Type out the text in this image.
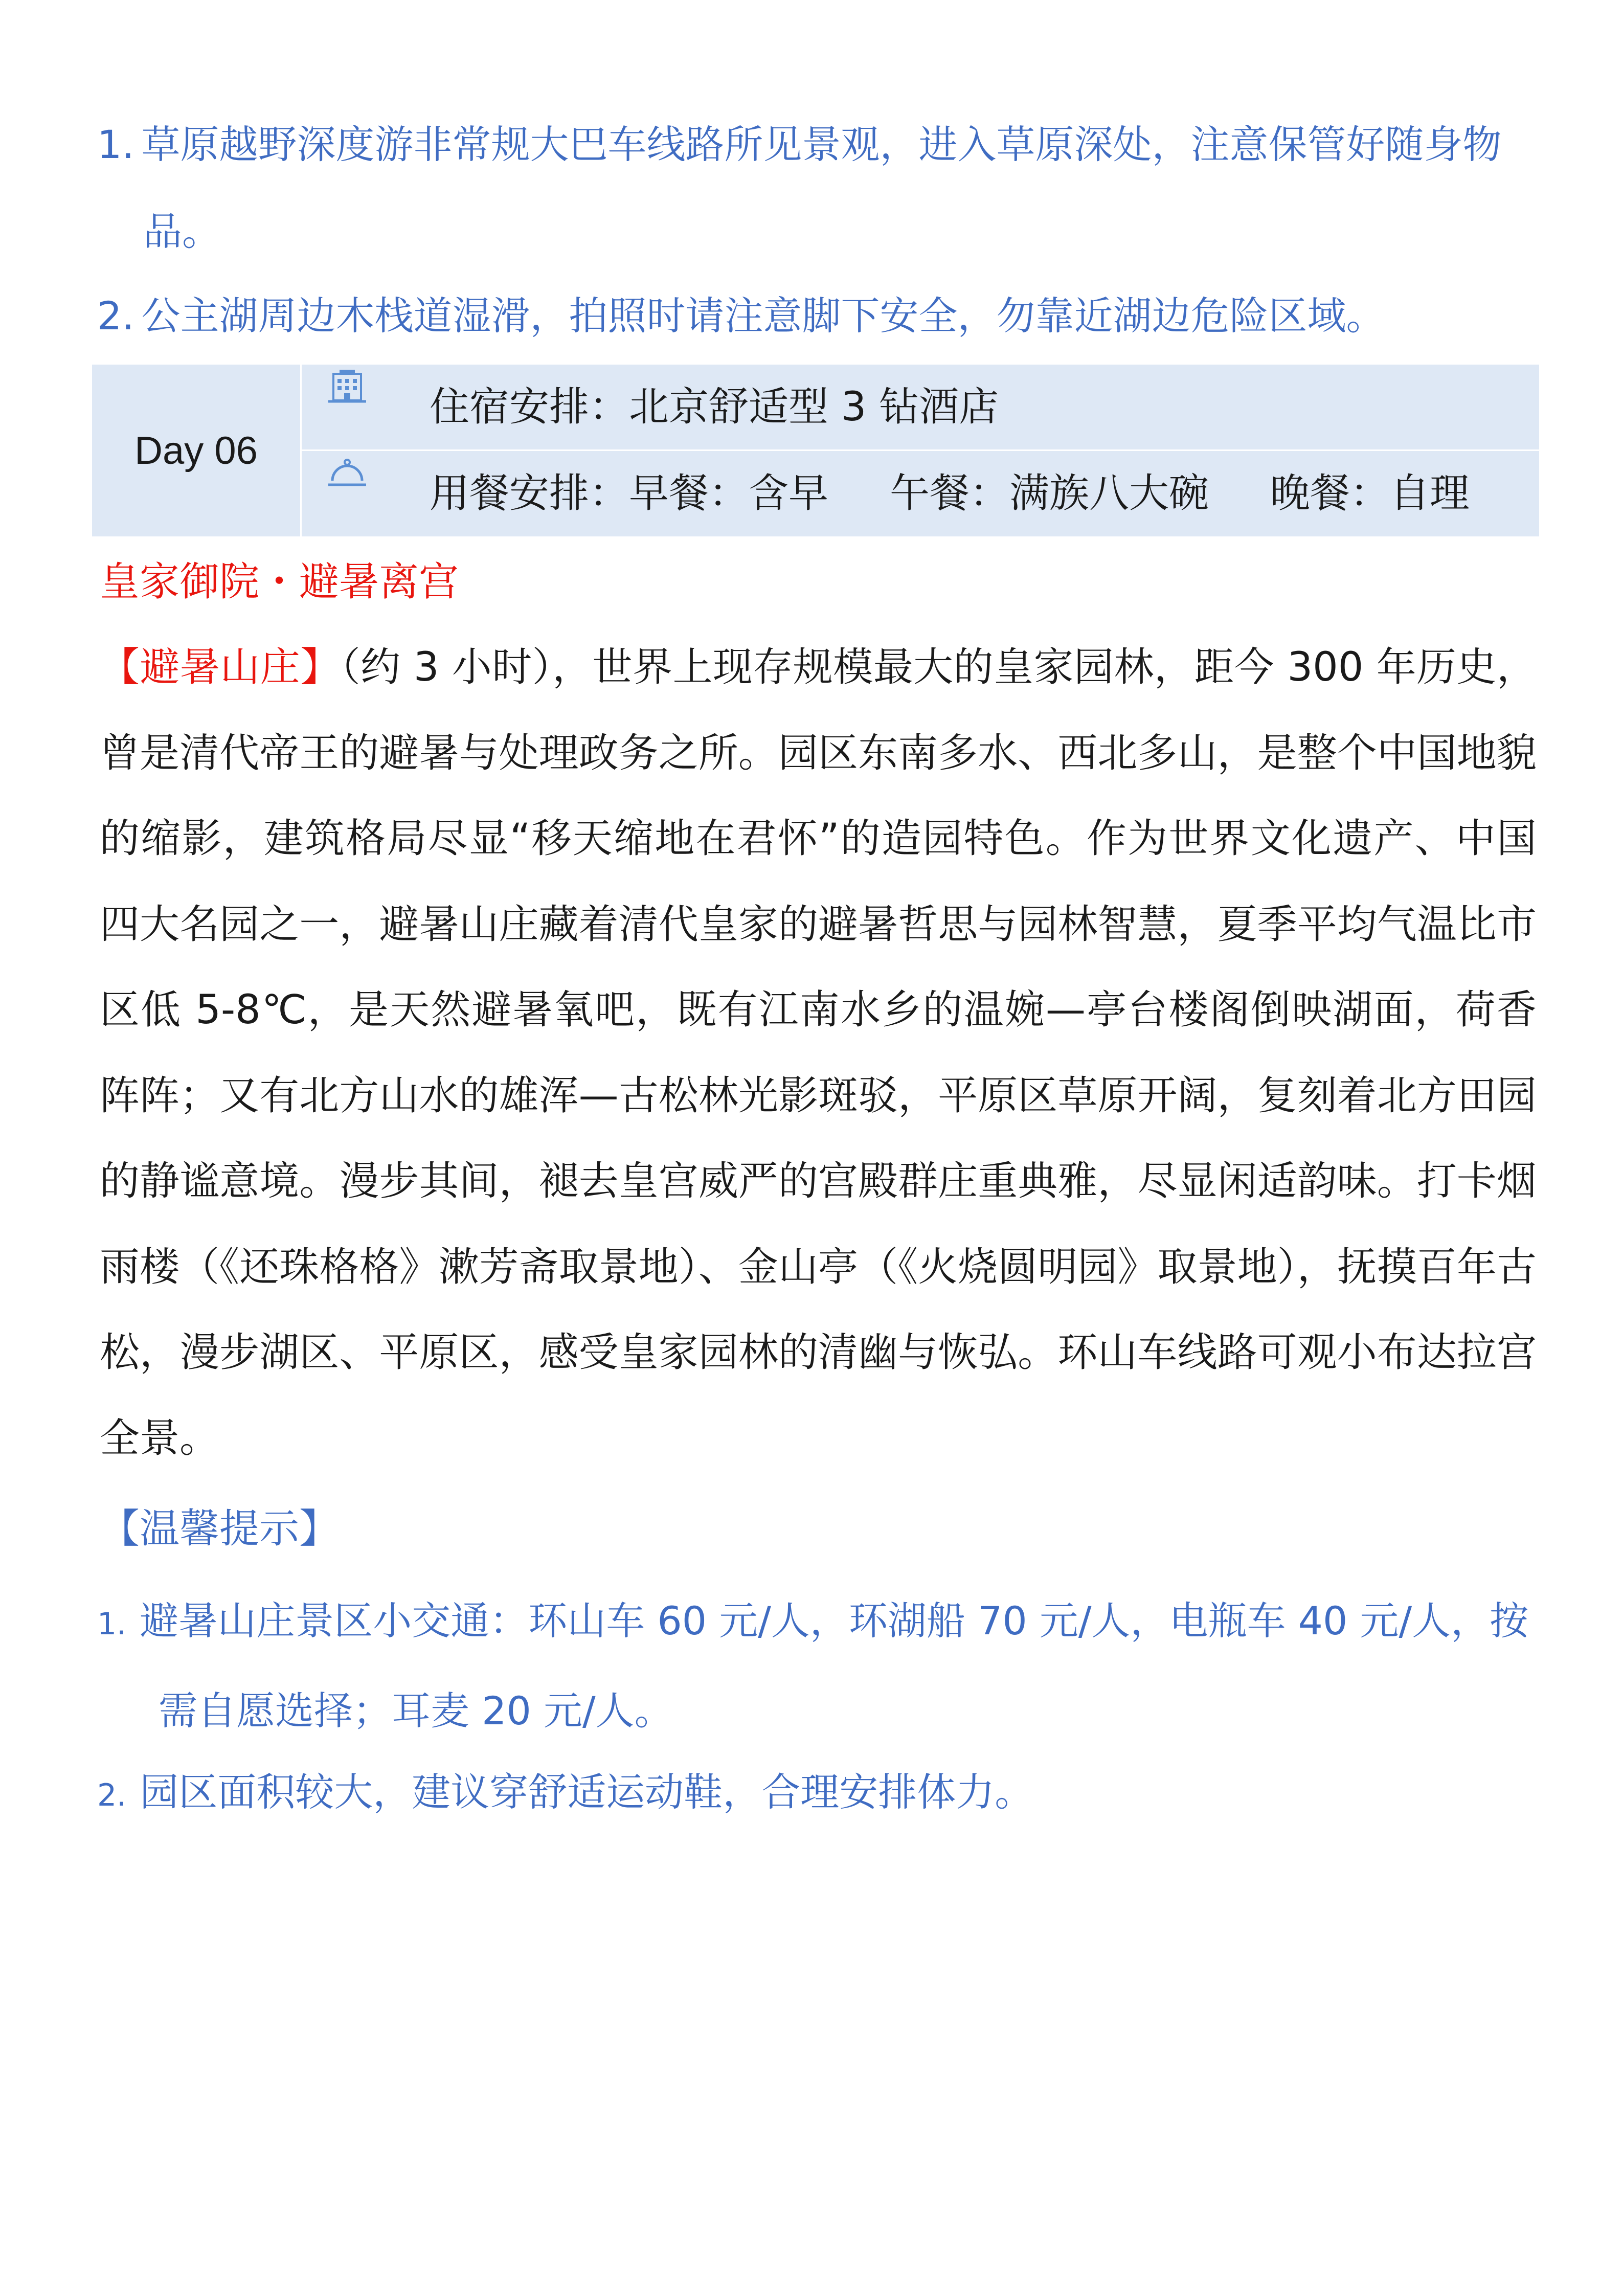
1. 草原越野深度游非常规大巴车线路所见景观，进入草原深处，注意保管好随身物
品。
2. 公主湖周边木栈道湿滑，拍照时请注意脚下安全，勿靠近湖边危险区域。
Day 06
住宿安排：北京舒适型 3 钻酒店
用餐安排：早餐：含早 午餐：满族八大碗 晚餐：自理
皇家御院・避暑离宫
【避暑山庄】（约 3 小时），世界上现存规模最大的皇家园林，距今 300 年历史，曾是清代帝王的避暑与处理政务之所。园区东南多水、西北多山，是整个中国地貌的缩影，建筑格局尽显“移天缩地在君怀”的造园特色。作为世界文化遗产、中国四大名园之一，避暑山庄藏着清代皇家的避暑哲思与园林智慧，夏季平均气温比市区低 5-8℃，是天然避暑氧吧，既有江南水乡的温婉—亭台楼阁倒映湖面，荷香阵阵；又有北方山水的雄浑—古松林光影斑驳，平原区草原开阔，复刻着北方田园的静谧意境。漫步其间，褪去皇宫威严的宫殿群庄重典雅，尽显闲适韵味。打卡烟雨楼（《还珠格格》漱芳斋取景地）、金山亭（《火烧圆明园》取景地），抚摸百年古松，漫步湖区、平原区，感受皇家园林的清幽与恢弘。环山车线路可观小布达拉宫全景。
【温馨提示】
1. 避暑山庄景区小交通：环山车 60 元/人，环湖船 70 元/人，电瓶车 40 元/人，按
需自愿选择；耳麦 20 元/人。
2. 园区面积较大，建议穿舒适运动鞋，合理安排体力。
